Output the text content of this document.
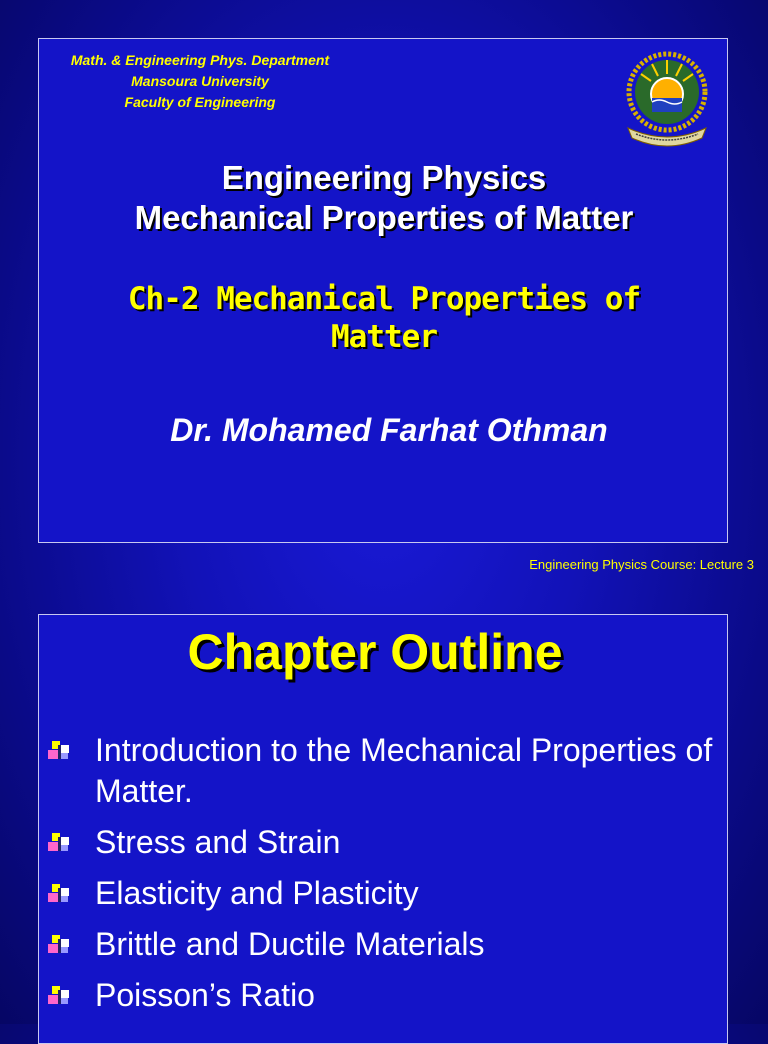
Math. & Engineering Phys. Department
Mansoura University
Faculty of Engineering
Engineering Physics
Mechanical Properties of Matter
Ch-2 Mechanical Properties of
Matter
Dr. Mohamed Farhat Othman
Engineering Physics Course: Lecture 3
Chapter Outline
Introduction to the Mechanical Properties of Matter.
Stress and Strain
Elasticity and Plasticity
Brittle and Ductile Materials
Poisson’s Ratio
